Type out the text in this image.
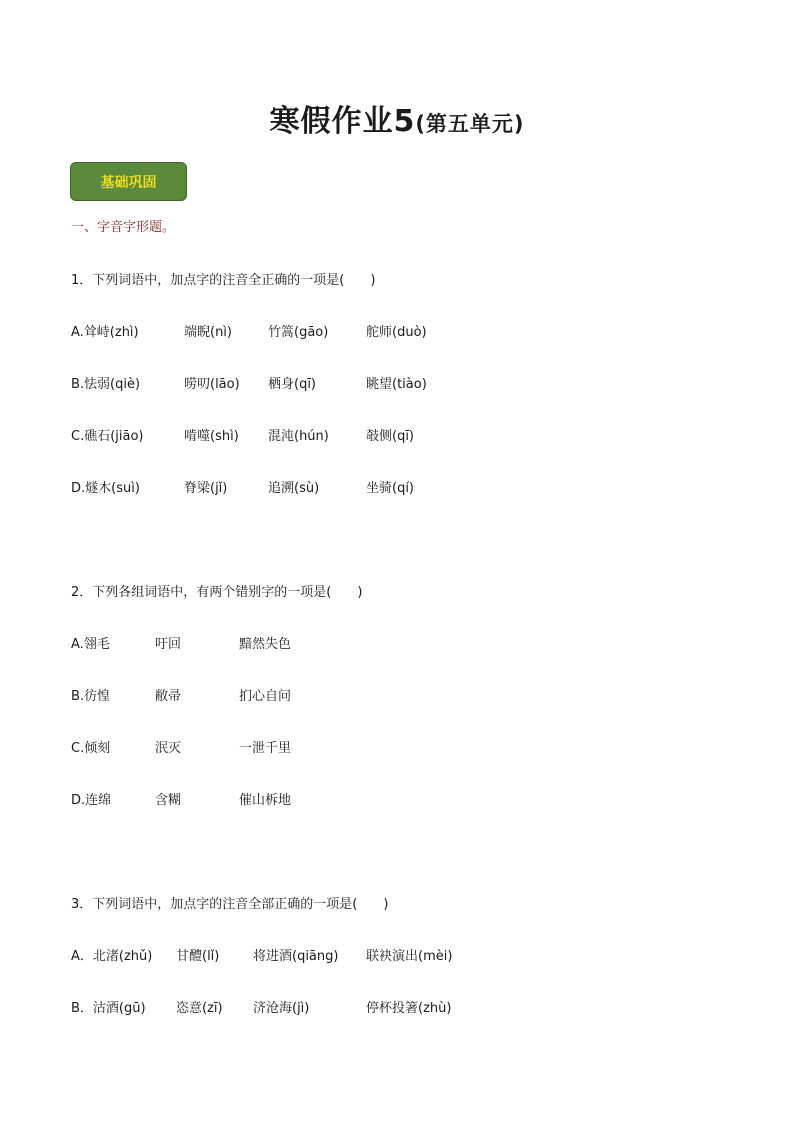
寒假作业5(第五单元)
基础巩固
一、字音字形题。
1．下列词语中，加点字的注音全正确的一项是(　　)
A.耸峙(zhì)	端睨(nì)	竹篙(gāo)	舵师(duò)
B.怯弱(qiè)	唠叨(lāo) 栖身(qī)	眺望(tiào)
C.礁石(jiāo)	啃噬(shì) 混沌(hún)	攲侧(qī)
D.燧木(suì)	脊梁(jǐ)	追溯(sù)	坐骑(qí)
2．下列各组词语中，有两个错别字的一项是(　　)
A.翎毛	吁回	黯然失色
B.彷惶	敝帚	扪心自问
C.倾刻	泯灭	一泄千里
D.连绵	含糊	催山柝地
3．下列词语中，加点字的注音全部正确的一项是(　　)
A．北渚(zhǔ) 甘醴(lǐ)	将进酒(qiāng) 联袂演出(mèi)
B．沽酒(gū) 恣意(zī) 济沧海(jì)	停杯投箸(zhù)
